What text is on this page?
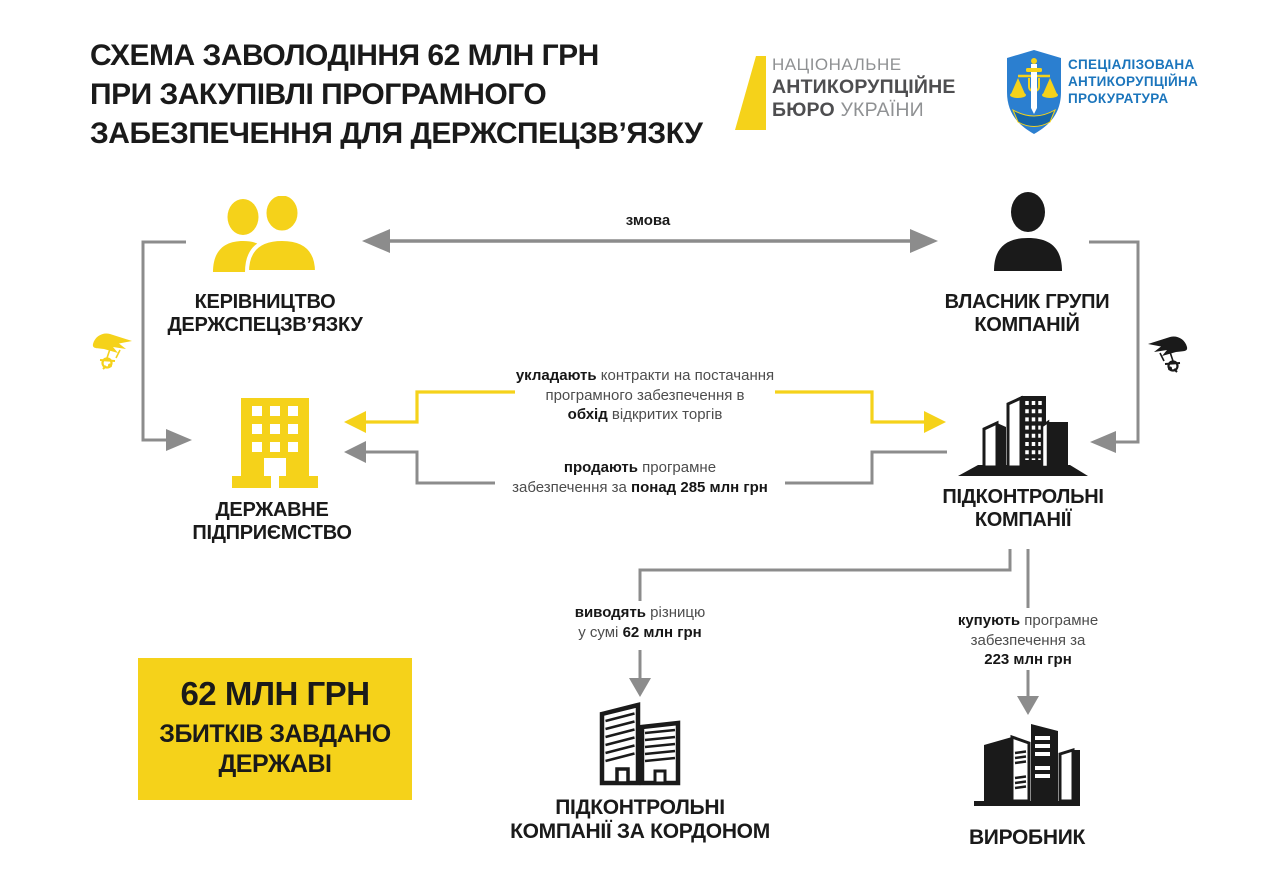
СХЕМА ЗАВОЛОДІННЯ 62 МЛН ГРН
ПРИ ЗАКУПІВЛІ ПРОГРАМНОГО
ЗАБЕЗПЕЧЕННЯ ДЛЯ ДЕРЖСПЕЦЗВ’ЯЗКУ
НАЦІОНАЛЬНЕ
АНТИКОРУПЦІЙНЕ
БЮРО УКРАЇНИ
СПЕЦІАЛІЗОВАНА
АНТИКОРУПЦІЙНА
ПРОКУРАТУРА
КЕРІВНИЦТВО
ДЕРЖСПЕЦЗВ’ЯЗКУ
змова
ВЛАСНИК ГРУПИ
КОМПАНІЙ
ДЕРЖАВНЕ
ПІДПРИЄМСТВО
ПІДКОНТРОЛЬНІ
КОМПАНІЇ
укладають контракти на постачання
програмного забезпечення в
обхід відкритих торгів
продають програмне
забезпечення за понад 285 млн грн
виводять різницю
у сумі 62 млн грн
купують програмне
забезпечення за
223 млн грн
ПІДКОНТРОЛЬНІ
КОМПАНІЇ ЗА КОРДОНОМ	ВИРОБНИК
62 МЛН ГРН
ЗБИТКІВ ЗАВДАНО
ДЕРЖАВІ
